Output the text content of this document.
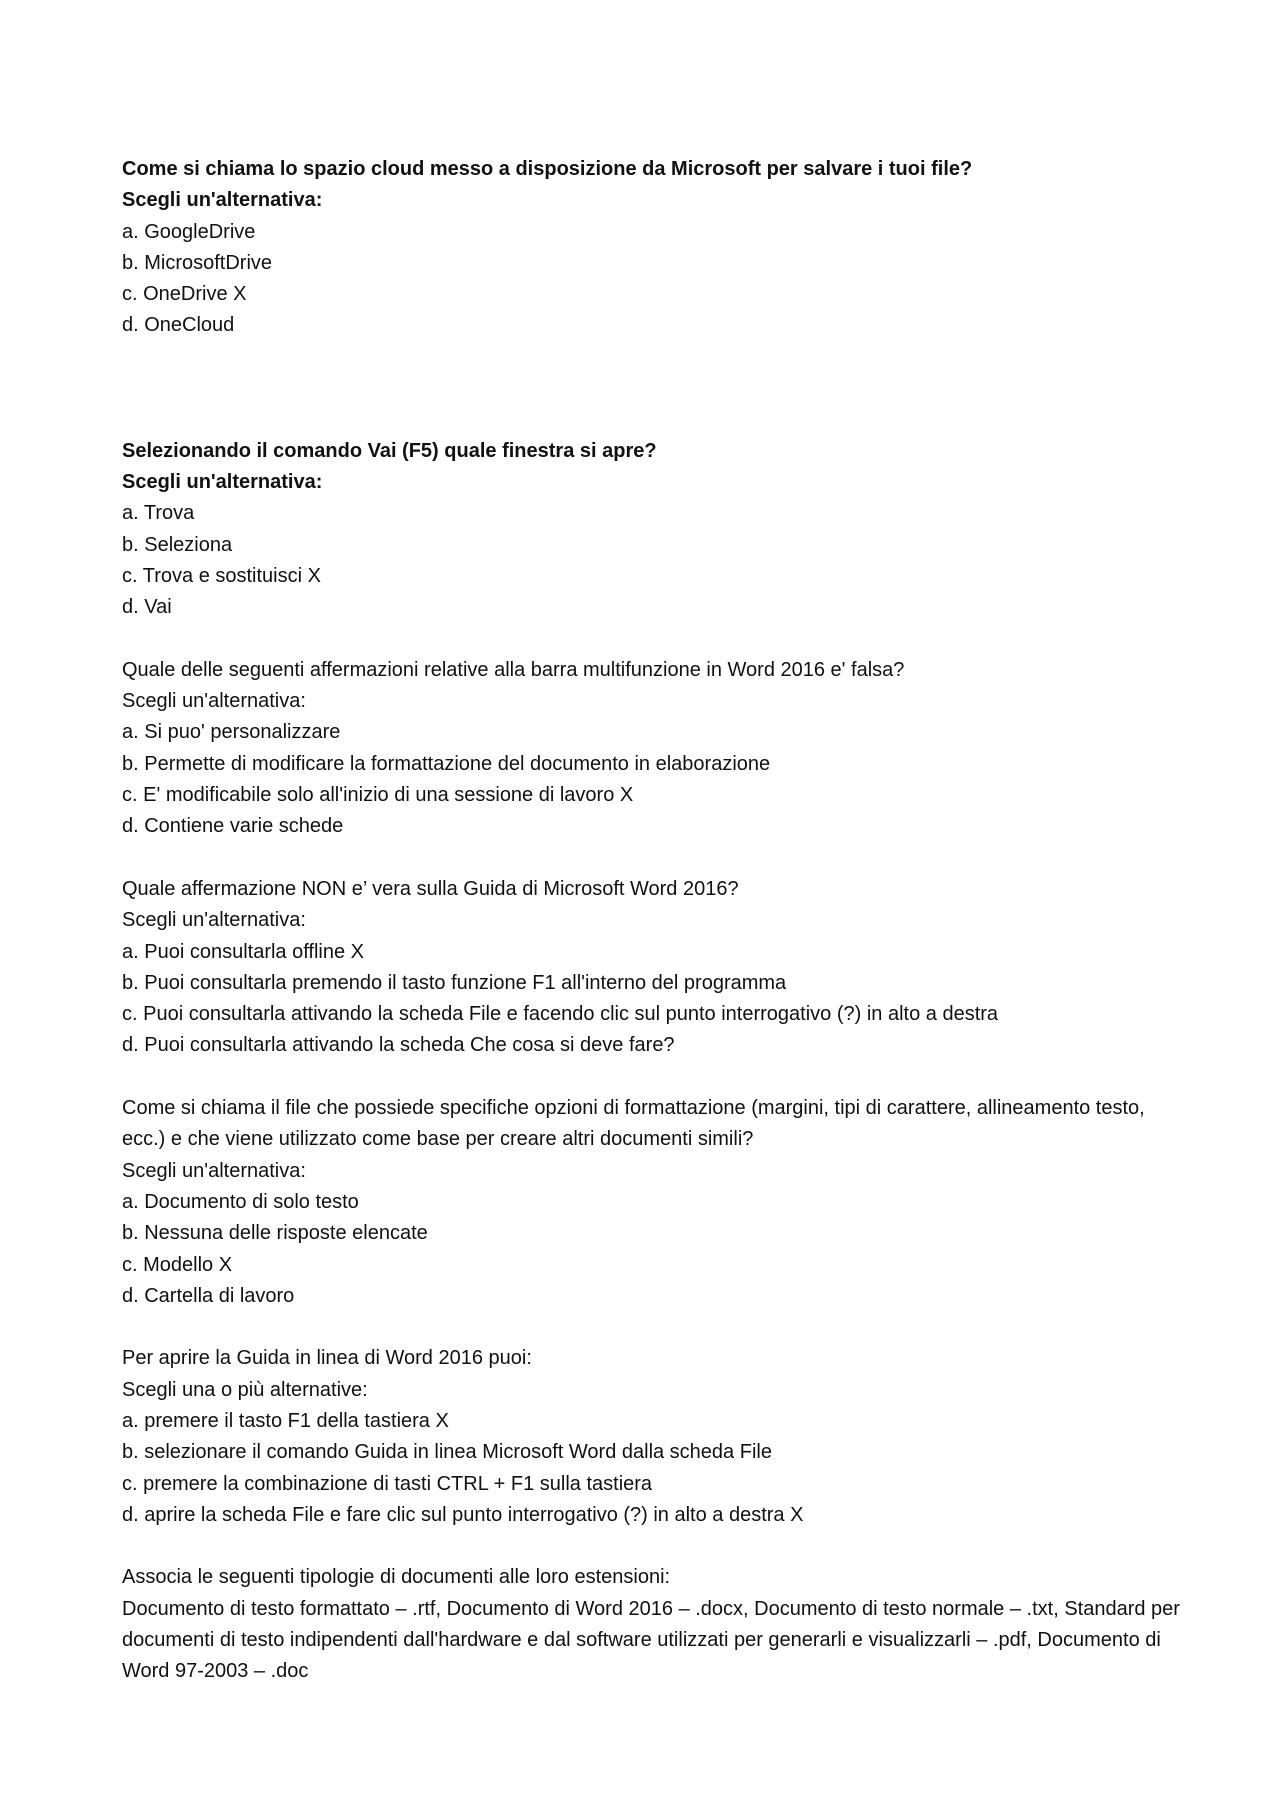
Come si chiama lo spazio cloud messo a disposizione da Microsoft per salvare i tuoi file?
Scegli un'alternativa:
a. GoogleDrive
b. MicrosoftDrive
c. OneDrive X
d. OneCloud
Selezionando il comando Vai (F5) quale finestra si apre?
Scegli un'alternativa:
a. Trova
b. Seleziona
c. Trova e sostituisci X
d. Vai
Quale delle seguenti affermazioni relative alla barra multifunzione in Word 2016 e' falsa?
Scegli un'alternativa:
a. Si puo' personalizzare
b. Permette di modificare la formattazione del documento in elaborazione
c. E' modificabile solo all'inizio di una sessione di lavoro X
d. Contiene varie schede
Quale affermazione NON e’ vera sulla Guida di Microsoft Word 2016?
Scegli un'alternativa:
a. Puoi consultarla offline X
b. Puoi consultarla premendo il tasto funzione F1 all'interno del programma
c. Puoi consultarla attivando la scheda File e facendo clic sul punto interrogativo (?) in alto a destra
d. Puoi consultarla attivando la scheda Che cosa si deve fare?
Come si chiama il file che possiede specifiche opzioni di formattazione (margini, tipi di carattere, allineamento testo, ecc.) e che viene utilizzato come base per creare altri documenti simili?
Scegli un'alternativa:
a. Documento di solo testo
b. Nessuna delle risposte elencate
c. Modello X
d. Cartella di lavoro
Per aprire la Guida in linea di Word 2016 puoi:
Scegli una o più alternative:
a. premere il tasto F1 della tastiera X
b. selezionare il comando Guida in linea Microsoft Word dalla scheda File
c. premere la combinazione di tasti CTRL + F1 sulla tastiera
d. aprire la scheda File e fare clic sul punto interrogativo (?) in alto a destra X
Associa le seguenti tipologie di documenti alle loro estensioni:
Documento di testo formattato – .rtf, Documento di Word 2016 – .docx, Documento di testo normale – .txt, Standard per documenti di testo indipendenti dall'hardware e dal software utilizzati per generarli e visualizzarli – .pdf, Documento di Word 97-2003 – .doc
